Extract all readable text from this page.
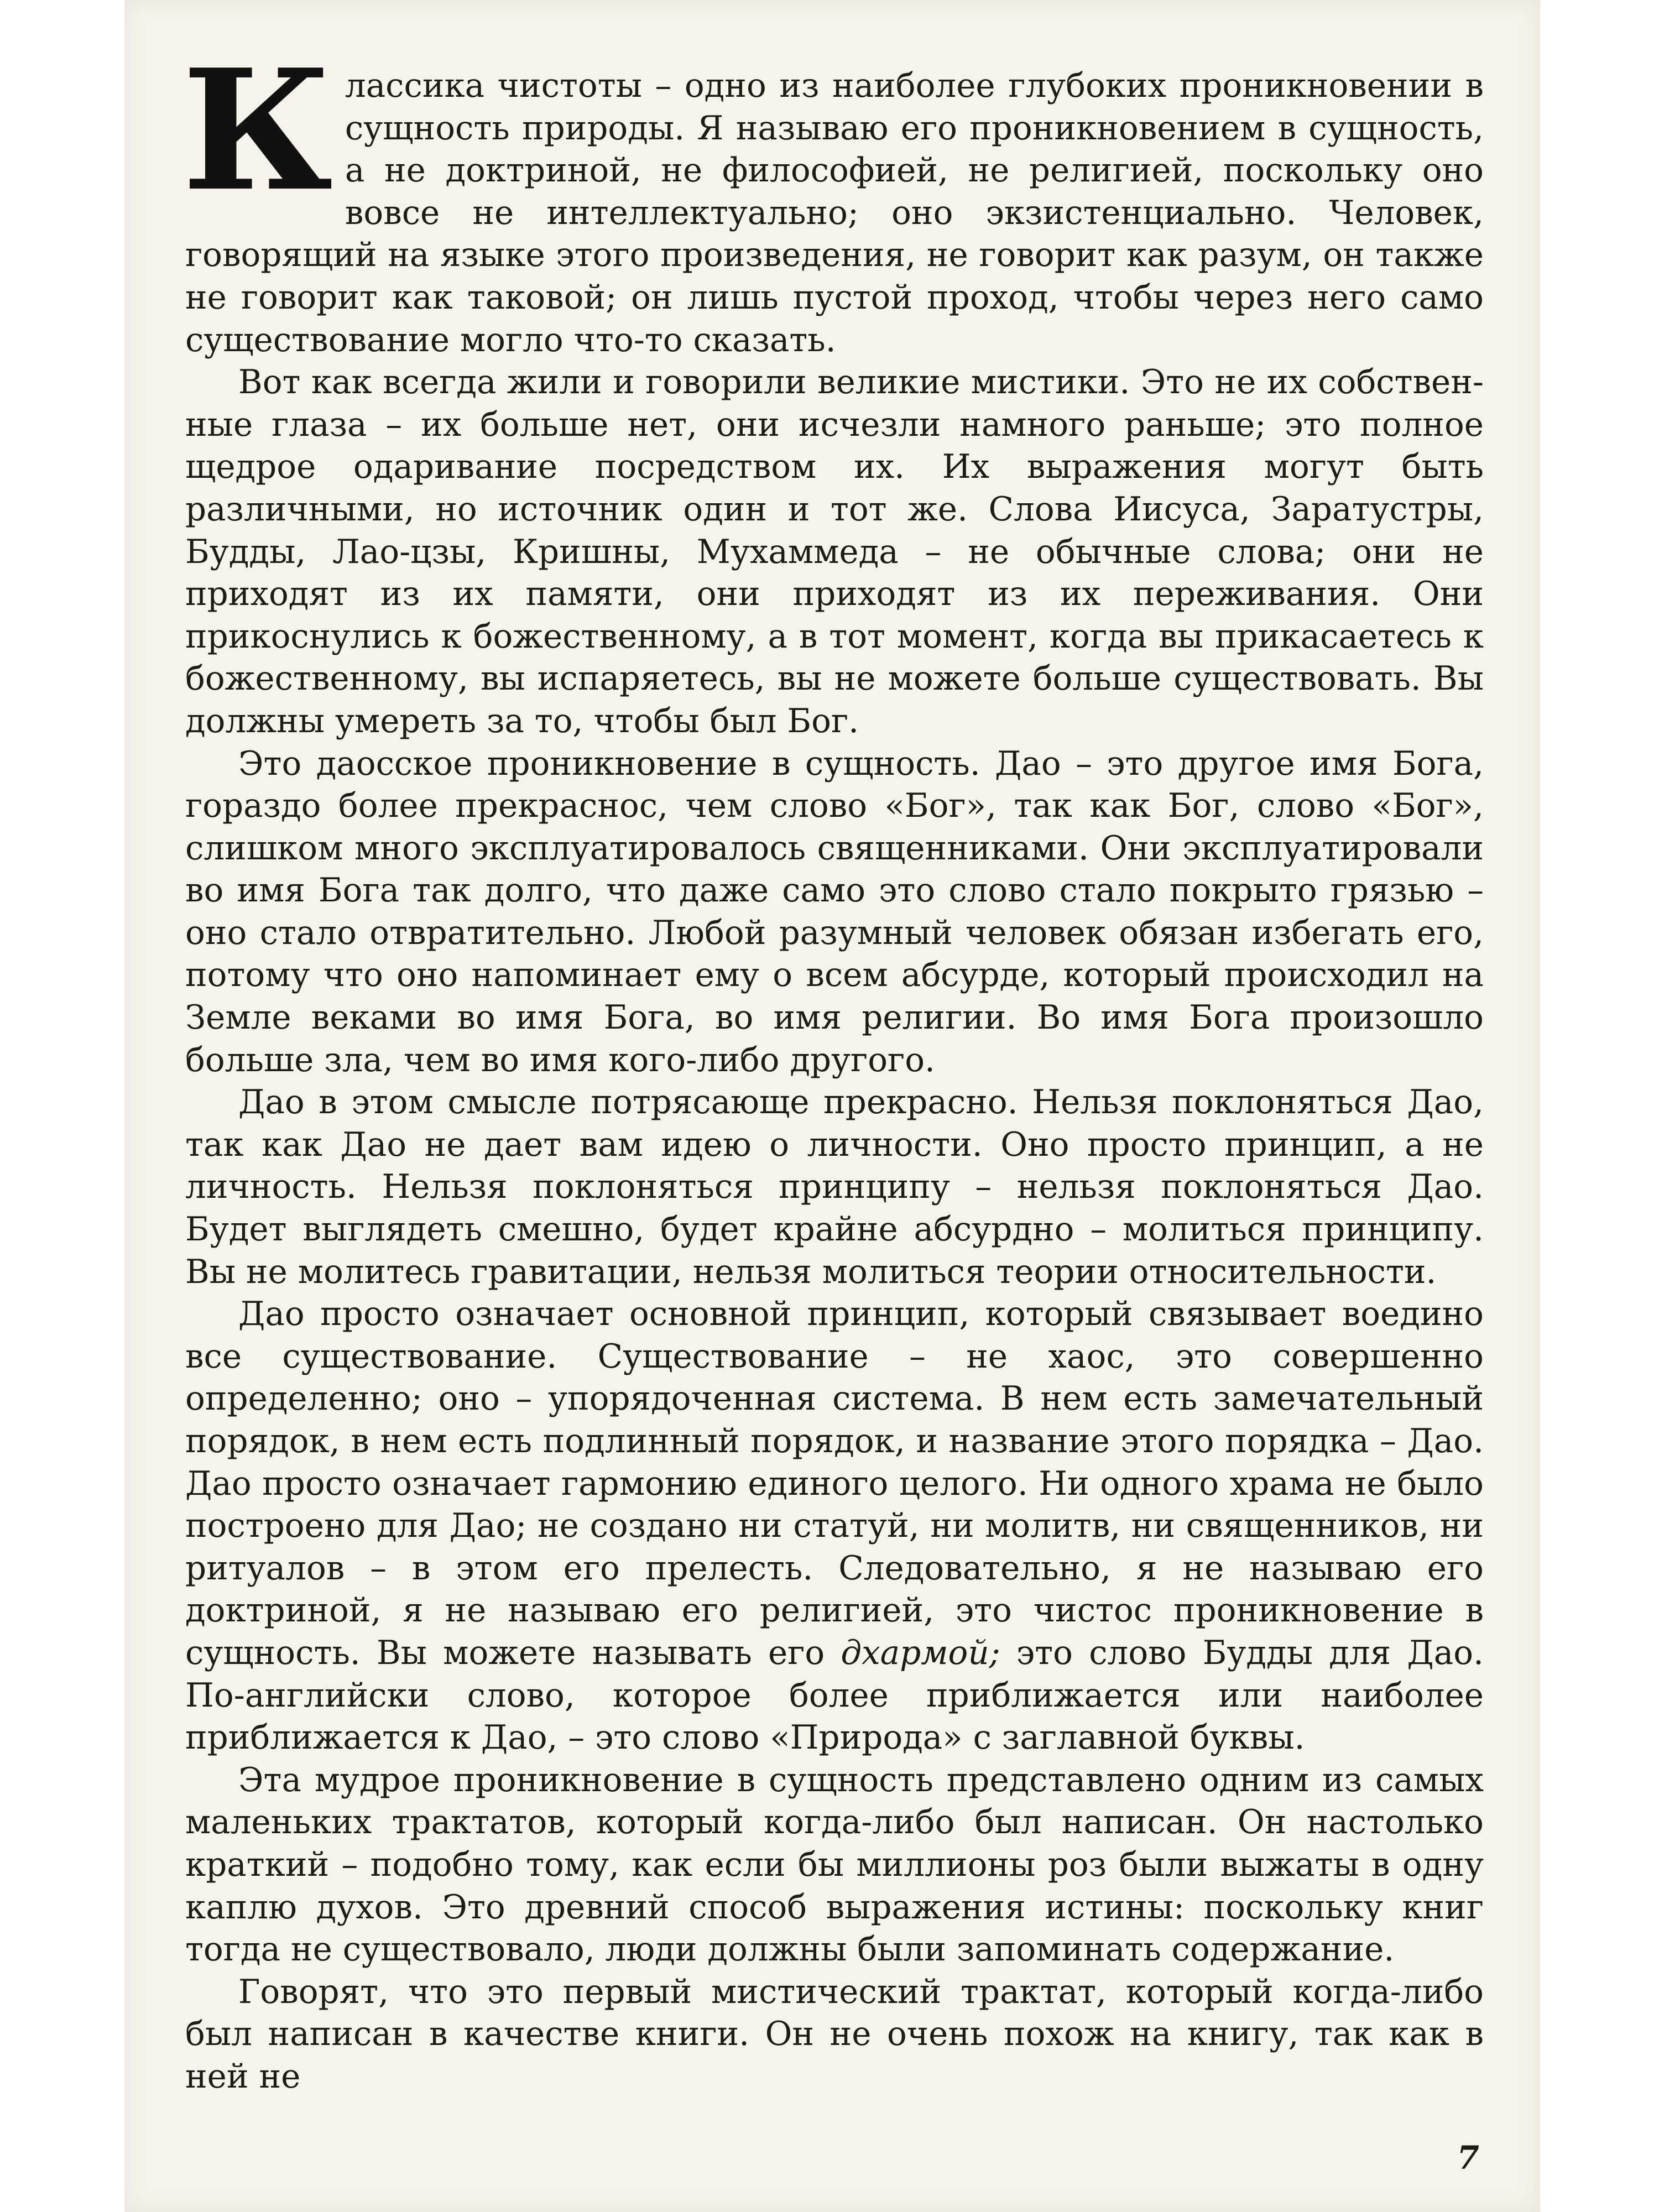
Классика чистоты – одно из наиболее глубоких проникновении в сущность природы. Я называю его проникновением в сущность, а не доктриной, не философией, не религией, поскольку оно вовсе не интеллектуально; оно экзистенциально. Человек, говорящий на языке этого произведения, не говорит как разум, он также не говорит как таковой; он лишь пустой проход, чтобы через него само существование могло что-то сказать.

Вот как всегда жили и говорили великие мистики. Это не их собственные глаза – их больше нет, они исчезли намного раньше; это полное щедрое одаривание посредством их. Их выражения могут быть различными, но источник один и тот же. Слова Иисуса, Заратустры, Будды, Лао-цзы, Кришны, Мухаммеда – не обычные слова; они не приходят из их памяти, они приходят из их переживания. Они прикоснулись к божественному, а в тот момент, когда вы прикасаетесь к божественному, вы испаряетесь, вы не можете больше существовать. Вы должны умереть за то, чтобы был Бог.

Это даосское проникновение в сущность. Дао – это другое имя Бога, гораздо более прекраснос, чем слово «Бог», так как Бог, слово «Бог», слишком много эксплуатировалось священниками. Они эксплуатировали во имя Бога так долго, что даже само это слово стало покрыто грязью – оно стало отвратительно. Любой разумный человек обязан избегать его, потому что оно напоминает ему о всем абсурде, который происходил на Земле веками во имя Бога, во имя религии. Во имя Бога произошло больше зла, чем во имя кого-либо другого.

Дао в этом смысле потрясающе прекрасно. Нельзя поклоняться Дао, так как Дао не дает вам идею о личности. Оно просто принцип, а не личность. Нельзя поклоняться принципу – нельзя поклоняться Дао. Будет выглядеть смешно, будет крайне абсурдно – молиться принципу. Вы не молитесь гравитации, нельзя молиться теории относительности.

Дао просто означает основной принцип, который связывает воедино все существование. Существование – не хаос, это совершенно определенно; оно – упорядоченная система. В нем есть замечательный порядок, в нем есть подлинный порядок, и название этого порядка – Дао. Дао просто означает гармонию единого целого. Ни одного храма не было построено для Дао; не создано ни статуй, ни молитв, ни священников, ни ритуалов – в этом его прелесть. Следовательно, я не называю его доктриной, я не называю его религией, это чистос проникновение в сущность. Вы можете называть его дхармой; это слово Будды для Дао. По-английски слово, которое более приближается или наиболее приближается к Дао, – это слово «Природа» с заглавной буквы.

Эта мудрое проникновение в сущность представлено одним из самых маленьких трактатов, который когда-либо был написан. Он настолько краткий – подобно тому, как если бы миллионы роз были выжаты в одну каплю духов. Это древний способ выражения истины: поскольку книг тогда не существовало, люди должны были запоминать содержание.

Говорят, что это первый мистический трактат, который когда-либо был написан в качестве книги. Он не очень похож на книгу, так как в ней не

7
